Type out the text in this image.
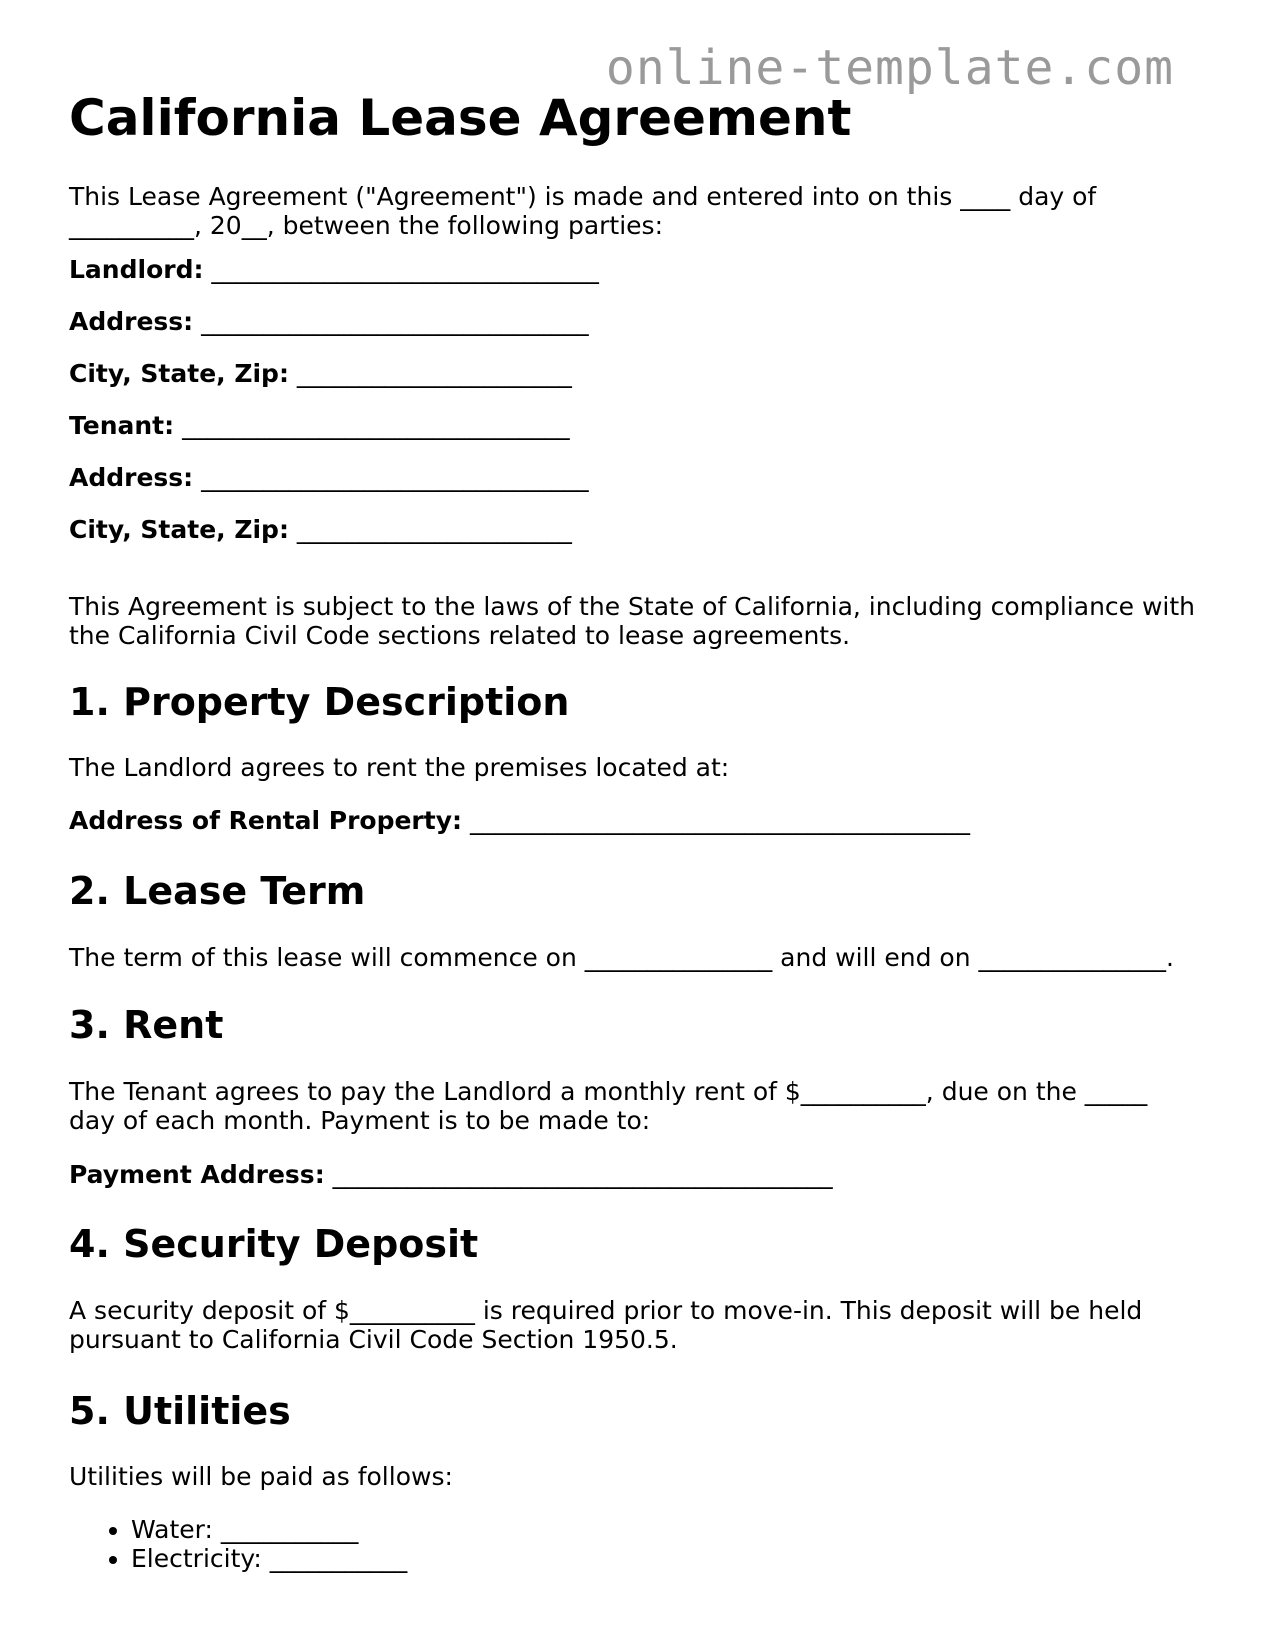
online-template.com
California Lease Agreement

This Lease Agreement ("Agreement") is made and entered into on this ____ day of __________, 20__, between the following parties:

Landlord: _______________________________
Address: _______________________________
City, State, Zip: ______________________
Tenant: _______________________________
Address: _______________________________
City, State, Zip: ______________________

This Agreement is subject to the laws of the State of California, including compliance with the California Civil Code sections related to lease agreements.

1. Property Description

The Landlord agrees to rent the premises located at:

Address of Rental Property: ________________________________________
2. Lease Term

The term of this lease will commence on _______________ and will end on _______________.

3. Rent

The Tenant agrees to pay the Landlord a monthly rent of $__________, due on the _____ day of each month. Payment is to be made to:

Payment Address: ________________________________________
4. Security Deposit

A security deposit of $__________ is required prior to move-in. This deposit will be held pursuant to California Civil Code Section 1950.5.

5. Utilities

Utilities will be paid as follows:

• Water: ___________
• Electricity: ___________
